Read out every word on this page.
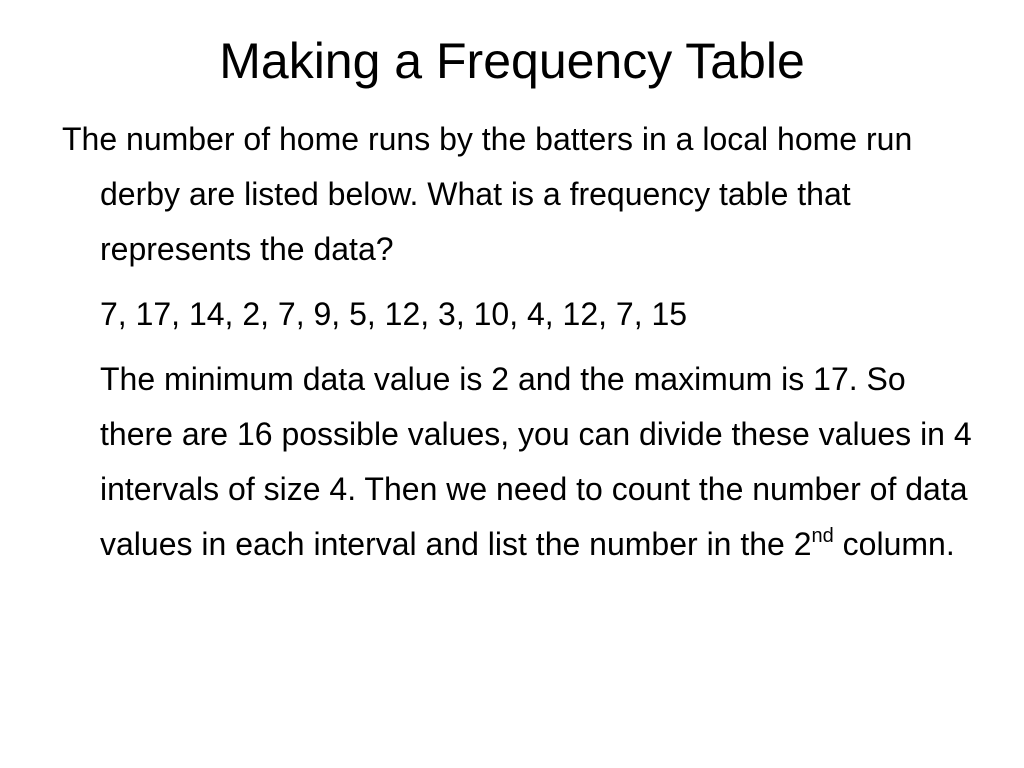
Making a Frequency Table

The number of home runs by the batters in a local home run derby are listed below. What is a frequency table that represents the data?

7, 17, 14, 2, 7, 9, 5, 12, 3, 10, 4, 12, 7, 15

The minimum data value is 2 and the maximum is 17. So there are 16 possible values, you can divide these values in 4 intervals of size 4. Then we need to count the number of data values in each interval and list the number in the 2nd column.
